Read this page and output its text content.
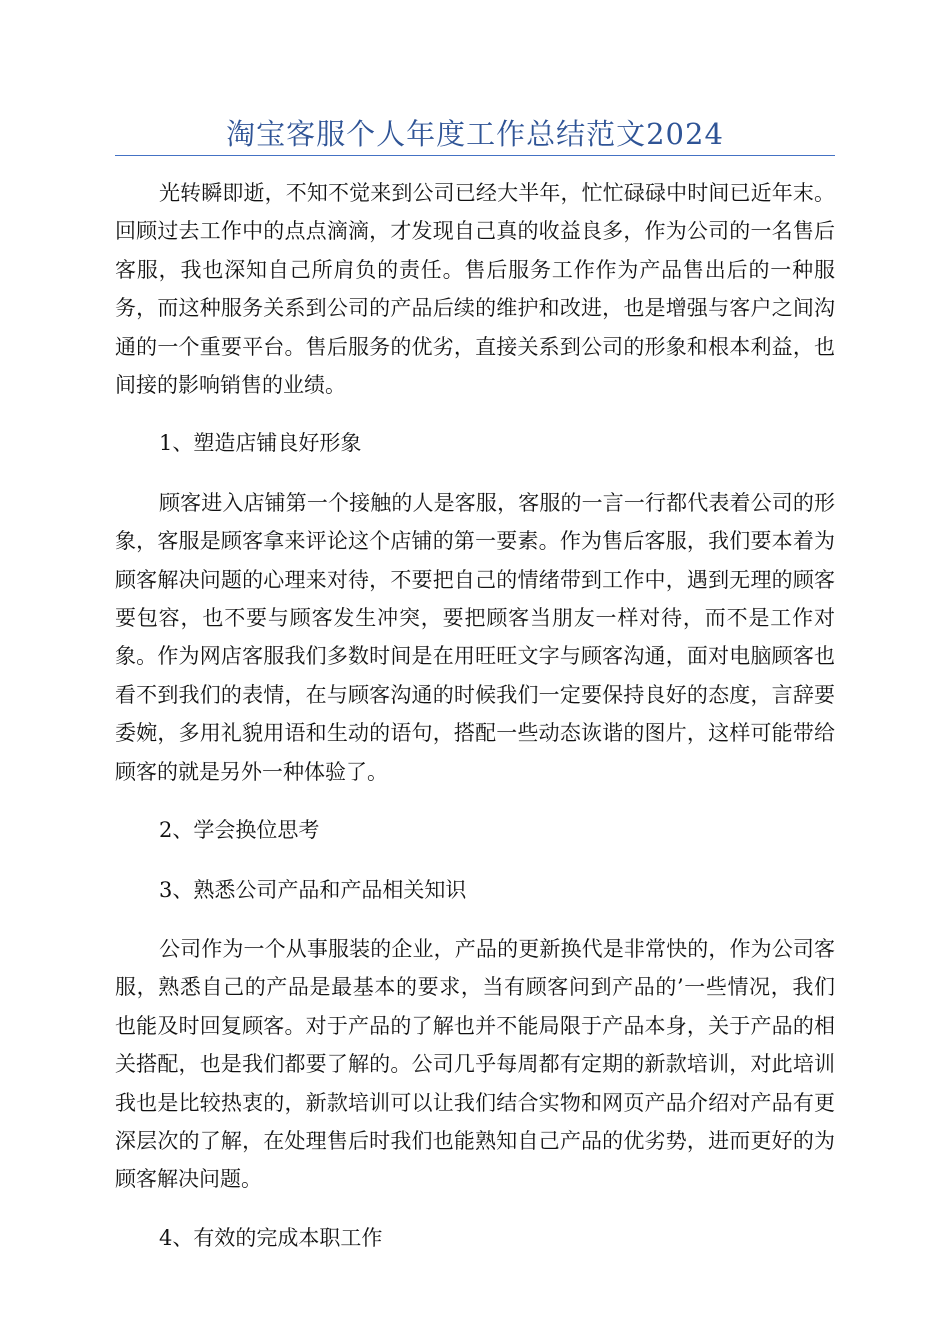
淘宝客服个人年度工作总结范文2024

光转瞬即逝，不知不觉来到公司已经大半年，忙忙碌碌中时间已近年末。回顾过去工作中的点点滴滴，才发现自己真的收益良多，作为公司的一名售后客服，我也深知自己所肩负的责任。售后服务工作作为产品售出后的一种服务，而这种服务关系到公司的产品后续的维护和改进，也是增强与客户之间沟通的一个重要平台。售后服务的优劣，直接关系到公司的形象和根本利益，也间接的影响销售的业绩。

1、塑造店铺良好形象

顾客进入店铺第一个接触的人是客服，客服的一言一行都代表着公司的形象，客服是顾客拿来评论这个店铺的第一要素。作为售后客服，我们要本着为顾客解决问题的心理来对待，不要把自己的情绪带到工作中，遇到无理的顾客要包容，也不要与顾客发生冲突，要把顾客当朋友一样对待，而不是工作对象。作为网店客服我们多数时间是在用旺旺文字与顾客沟通，面对电脑顾客也看不到我们的表情，在与顾客沟通的时候我们一定要保持良好的态度，言辞要委婉，多用礼貌用语和生动的语句，搭配一些动态诙谐的图片，这样可能带给顾客的就是另外一种体验了。

2、学会换位思考

3、熟悉公司产品和产品相关知识

公司作为一个从事服装的企业，产品的更新换代是非常快的，作为公司客服，熟悉自己的产品是最基本的要求，当有顾客问到产品的’一些情况，我们也能及时回复顾客。对于产品的了解也并不能局限于产品本身，关于产品的相关搭配，也是我们都要了解的。公司几乎每周都有定期的新款培训，对此培训我也是比较热衷的，新款培训可以让我们结合实物和网页产品介绍对产品有更深层次的了解，在处理售后时我们也能熟知自己产品的优劣势，进而更好的为顾客解决问题。

4、有效的完成本职工作
